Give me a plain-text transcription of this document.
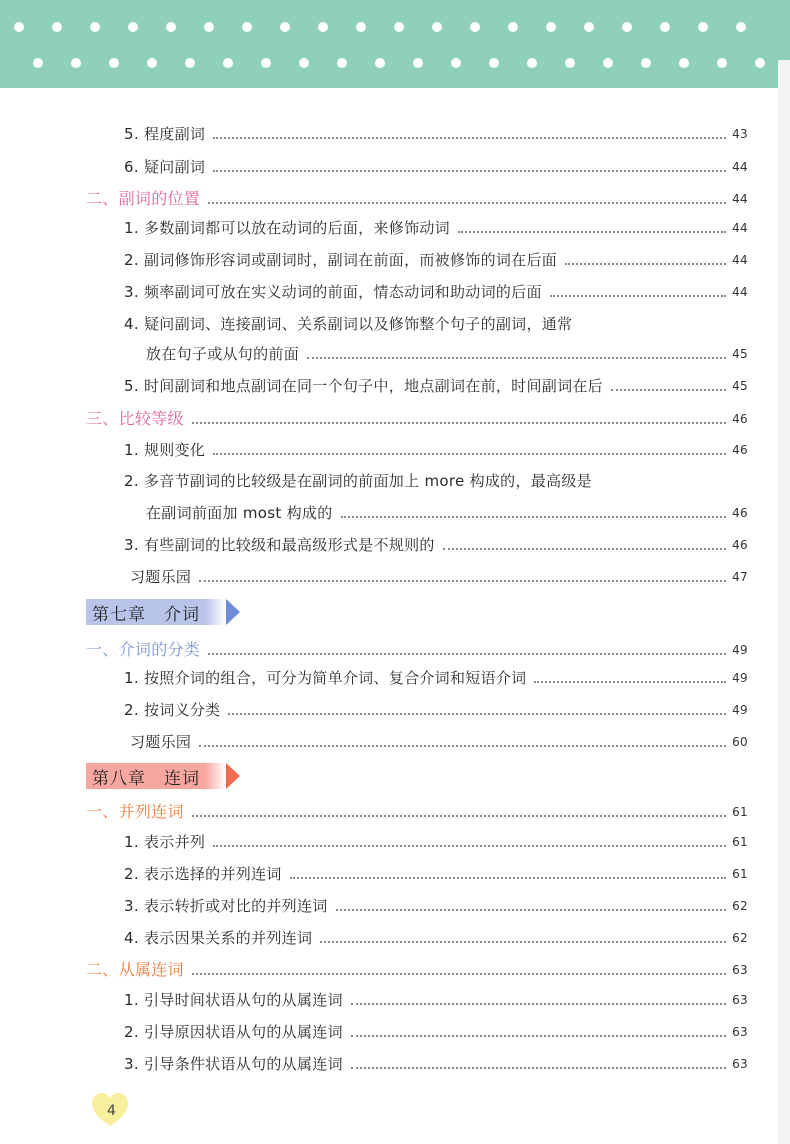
5. 程度副词	43
6. 疑问副词	44
二、副词的位置	44
1. 多数副词都可以放在动词的后面，来修饰动词	44
2. 副词修饰形容词或副词时，副词在前面，而被修饰的词在后面	44
3. 频率副词可放在实义动词的前面，情态动词和助动词的后面	44
4. 疑问副词、连接副词、关系副词以及修饰整个句子的副词，通常
放在句子或从句的前面	45
5. 时间副词和地点副词在同一个句子中，地点副词在前，时间副词在后	45
三、比较等级	46
1. 规则变化	46
2. 多音节副词的比较级是在副词的前面加上 more 构成的，最高级是
在副词前面加 most 构成的	46
3. 有些副词的比较级和最高级形式是不规则的	46
习题乐园	47
第七章　介词
一、介词的分类	49
1. 按照介词的组合，可分为简单介词、复合介词和短语介词	49
2. 按词义分类	49
习题乐园	60
第八章　连词
一、并列连词	61
1. 表示并列	61
2. 表示选择的并列连词	61
3. 表示转折或对比的并列连词	62
4. 表示因果关系的并列连词	62
二、从属连词	63
1. 引导时间状语从句的从属连词	63
2. 引导原因状语从句的从属连词	63
3. 引导条件状语从句的从属连词	63
4
